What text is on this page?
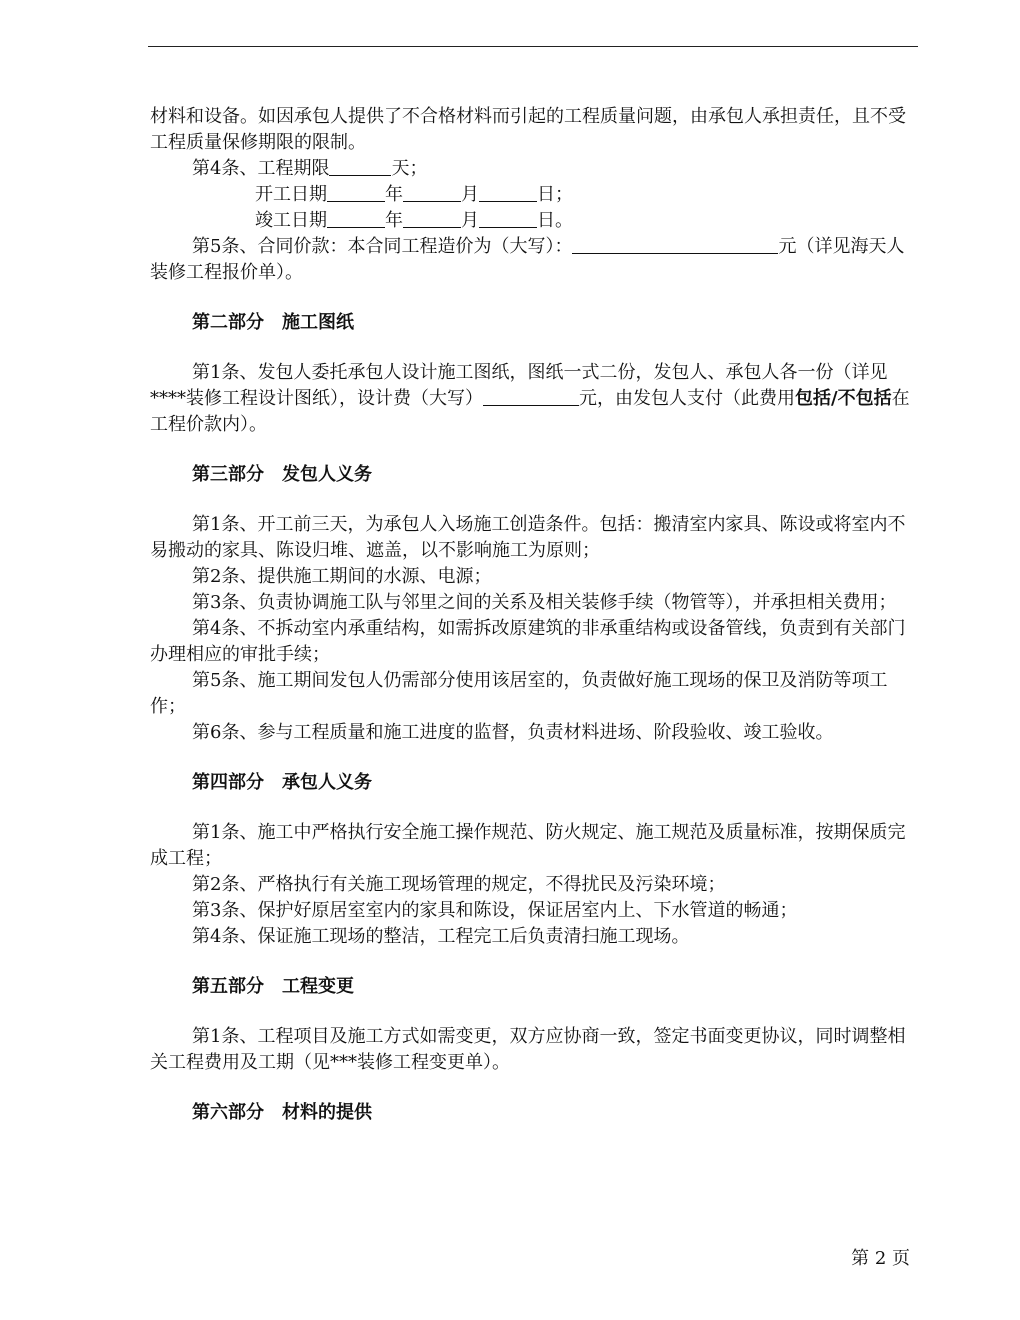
材料和设备。如因承包人提供了不合格材料而引起的工程质量问题，由承包人承担责任，且不受工程质量保修期限的限制。

第4条、工程期限	天；

开工日期	年	月	日；

竣工日期	年	月	日。

第5条、合同价款：本合同工程造价为（大写）：	元（详见海天人装修工程报价单）。

第二部分 施工图纸

第1条、发包人委托承包人设计施工图纸，图纸一式二份，发包人、承包人各一份（详见****装修工程设计图纸），设计费（大写）	元，由发包人支付（此费用包括/不包括在工程价款内）。

第三部分 发包人义务

第1条、开工前三天，为承包人入场施工创造条件。包括：搬清室内家具、陈设或将室内不易搬动的家具、陈设归堆、遮盖，以不影响施工为原则；

第2条、提供施工期间的水源、电源；

第3条、负责协调施工队与邻里之间的关系及相关装修手续（物管等），并承担相关费用；

第4条、不拆动室内承重结构，如需拆改原建筑的非承重结构或设备管线，负责到有关部门办理相应的审批手续；

第5条、施工期间发包人仍需部分使用该居室的，负责做好施工现场的保卫及消防等项工作；

第6条、参与工程质量和施工进度的监督，负责材料进场、阶段验收、竣工验收。

第四部分 承包人义务

第1条、施工中严格执行安全施工操作规范、防火规定、施工规范及质量标准，按期保质完成工程；

第2条、严格执行有关施工现场管理的规定，不得扰民及污染环境；

第3条、保护好原居室室内的家具和陈设，保证居室内上、下水管道的畅通；

第4条、保证施工现场的整洁，工程完工后负责清扫施工现场。

第五部分 工程变更

第1条、工程项目及施工方式如需变更，双方应协商一致，签定书面变更协议，同时调整相关工程费用及工期（见***装修工程变更单）。

第六部分 材料的提供

第 2 页
